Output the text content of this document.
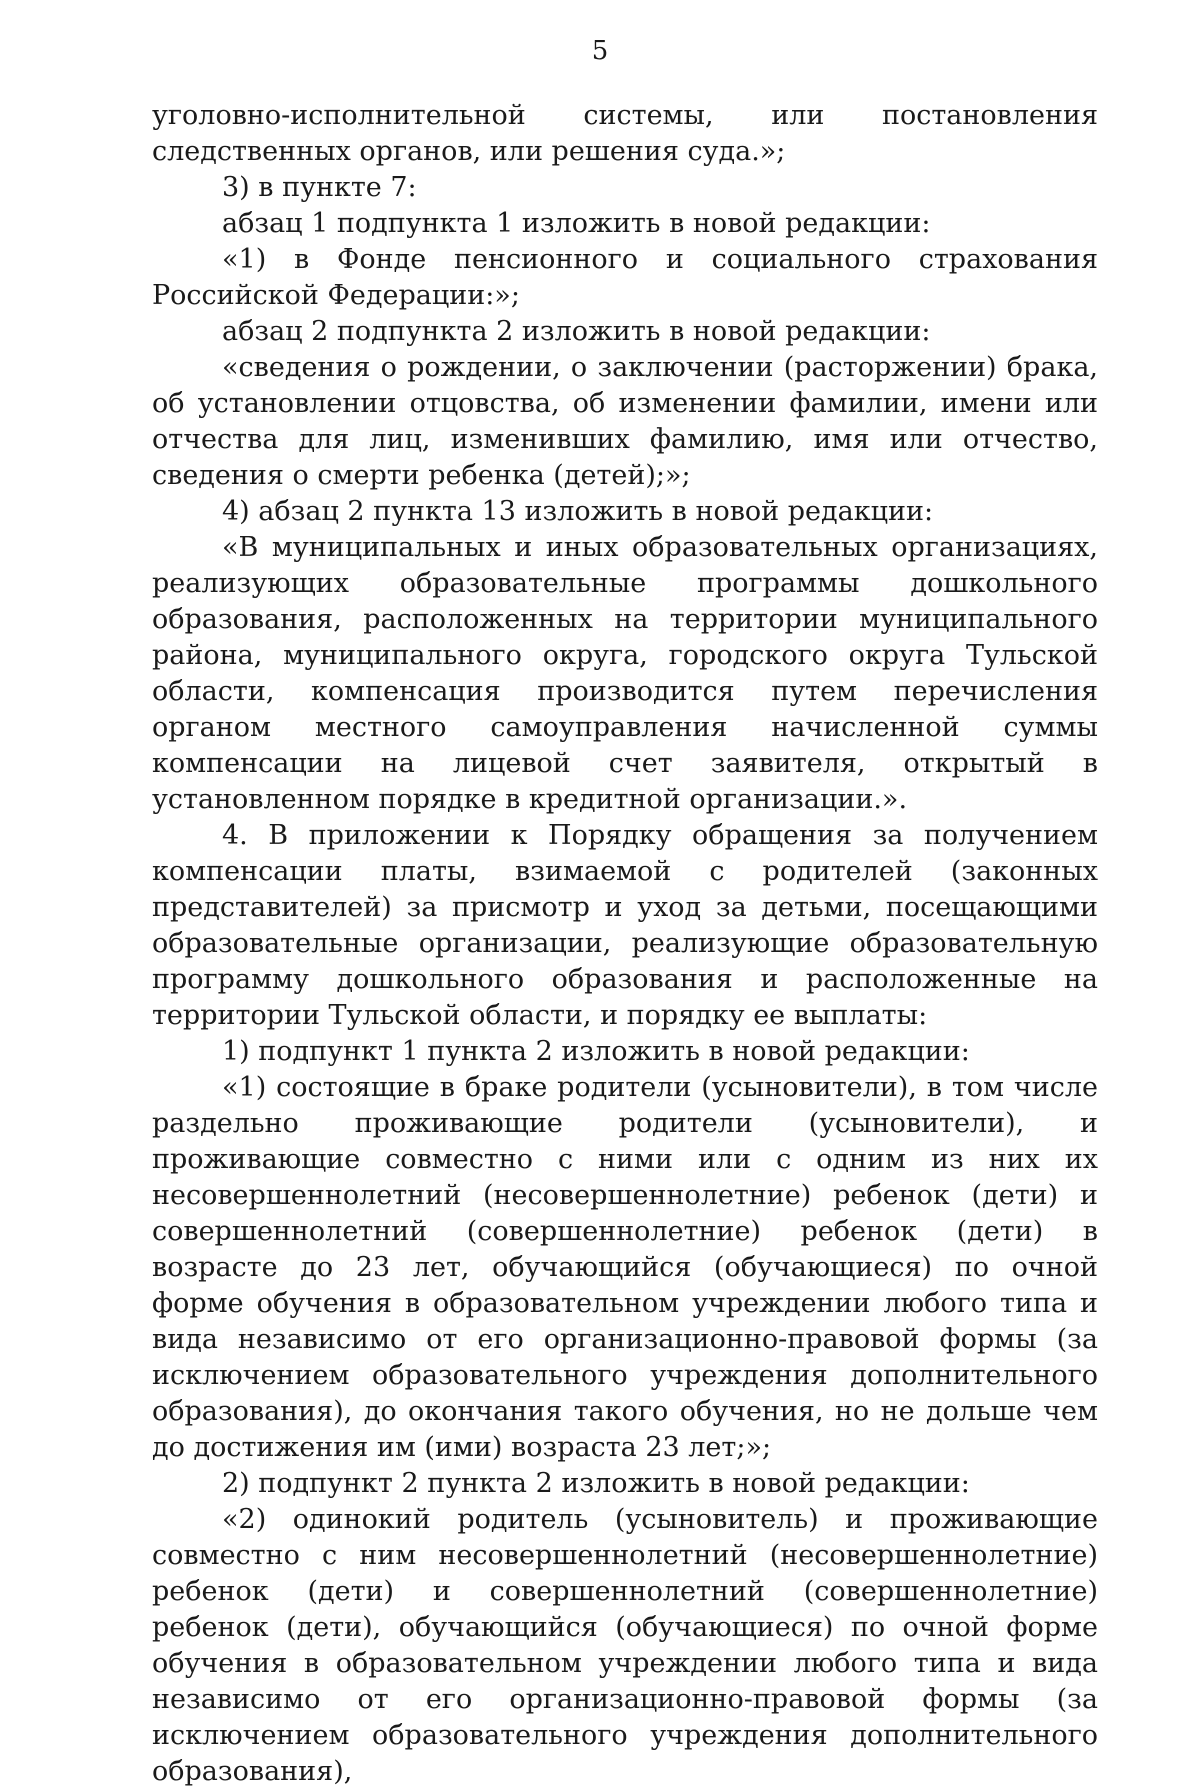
5

уголовно-исполнительной системы, или постановления следственных органов, или решения суда.»;

3) в пункте 7:

абзац 1 подпункта 1 изложить в новой редакции:

«1) в Фонде пенсионного и социального страхования Российской Федерации:»;

абзац 2 подпункта 2 изложить в новой редакции:

«сведения о рождении, о заключении (расторжении) брака, об установлении отцовства, об изменении фамилии, имени или отчества для лиц, изменивших фамилию, имя или отчество, сведения о смерти ребенка (детей);»;

4) абзац 2 пункта 13 изложить в новой редакции:

«В муниципальных и иных образовательных организациях, реализующих образовательные программы дошкольного образования, расположенных на территории муниципального района, муниципального округа, городского округа Тульской области, компенсация производится путем перечисления органом местного самоуправления начисленной суммы компенсации на лицевой счет заявителя, открытый в установленном порядке в кредитной организации.».

4. В приложении к Порядку обращения за получением компенсации платы, взимаемой с родителей (законных представителей) за присмотр и уход за детьми, посещающими образовательные организации, реализующие образовательную программу дошкольного образования и расположенные на территории Тульской области, и порядку ее выплаты:

1) подпункт 1 пункта 2 изложить в новой редакции:

«1) состоящие в браке родители (усыновители), в том числе раздельно проживающие родители (усыновители), и проживающие совместно с ними или с одним из них их несовершеннолетний (несовершеннолетние) ребенок (дети) и совершеннолетний (совершеннолетние) ребенок (дети) в возрасте до 23 лет, обучающийся (обучающиеся) по очной форме обучения в образовательном учреждении любого типа и вида независимо от его организационно-правовой формы (за исключением образовательного учреждения дополнительного образования), до окончания такого обучения, но не дольше чем до достижения им (ими) возраста 23 лет;»;

2) подпункт 2 пункта 2 изложить в новой редакции:

«2) одинокий родитель (усыновитель) и проживающие совместно с ним несовершеннолетний (несовершеннолетние) ребенок (дети) и совершеннолетний (совершеннолетние) ребенок (дети), обучающийся (обучающиеся) по очной форме обучения в образовательном учреждении любого типа и вида независимо от его организационно-правовой формы (за исключением образовательного учреждения дополнительного образования),
